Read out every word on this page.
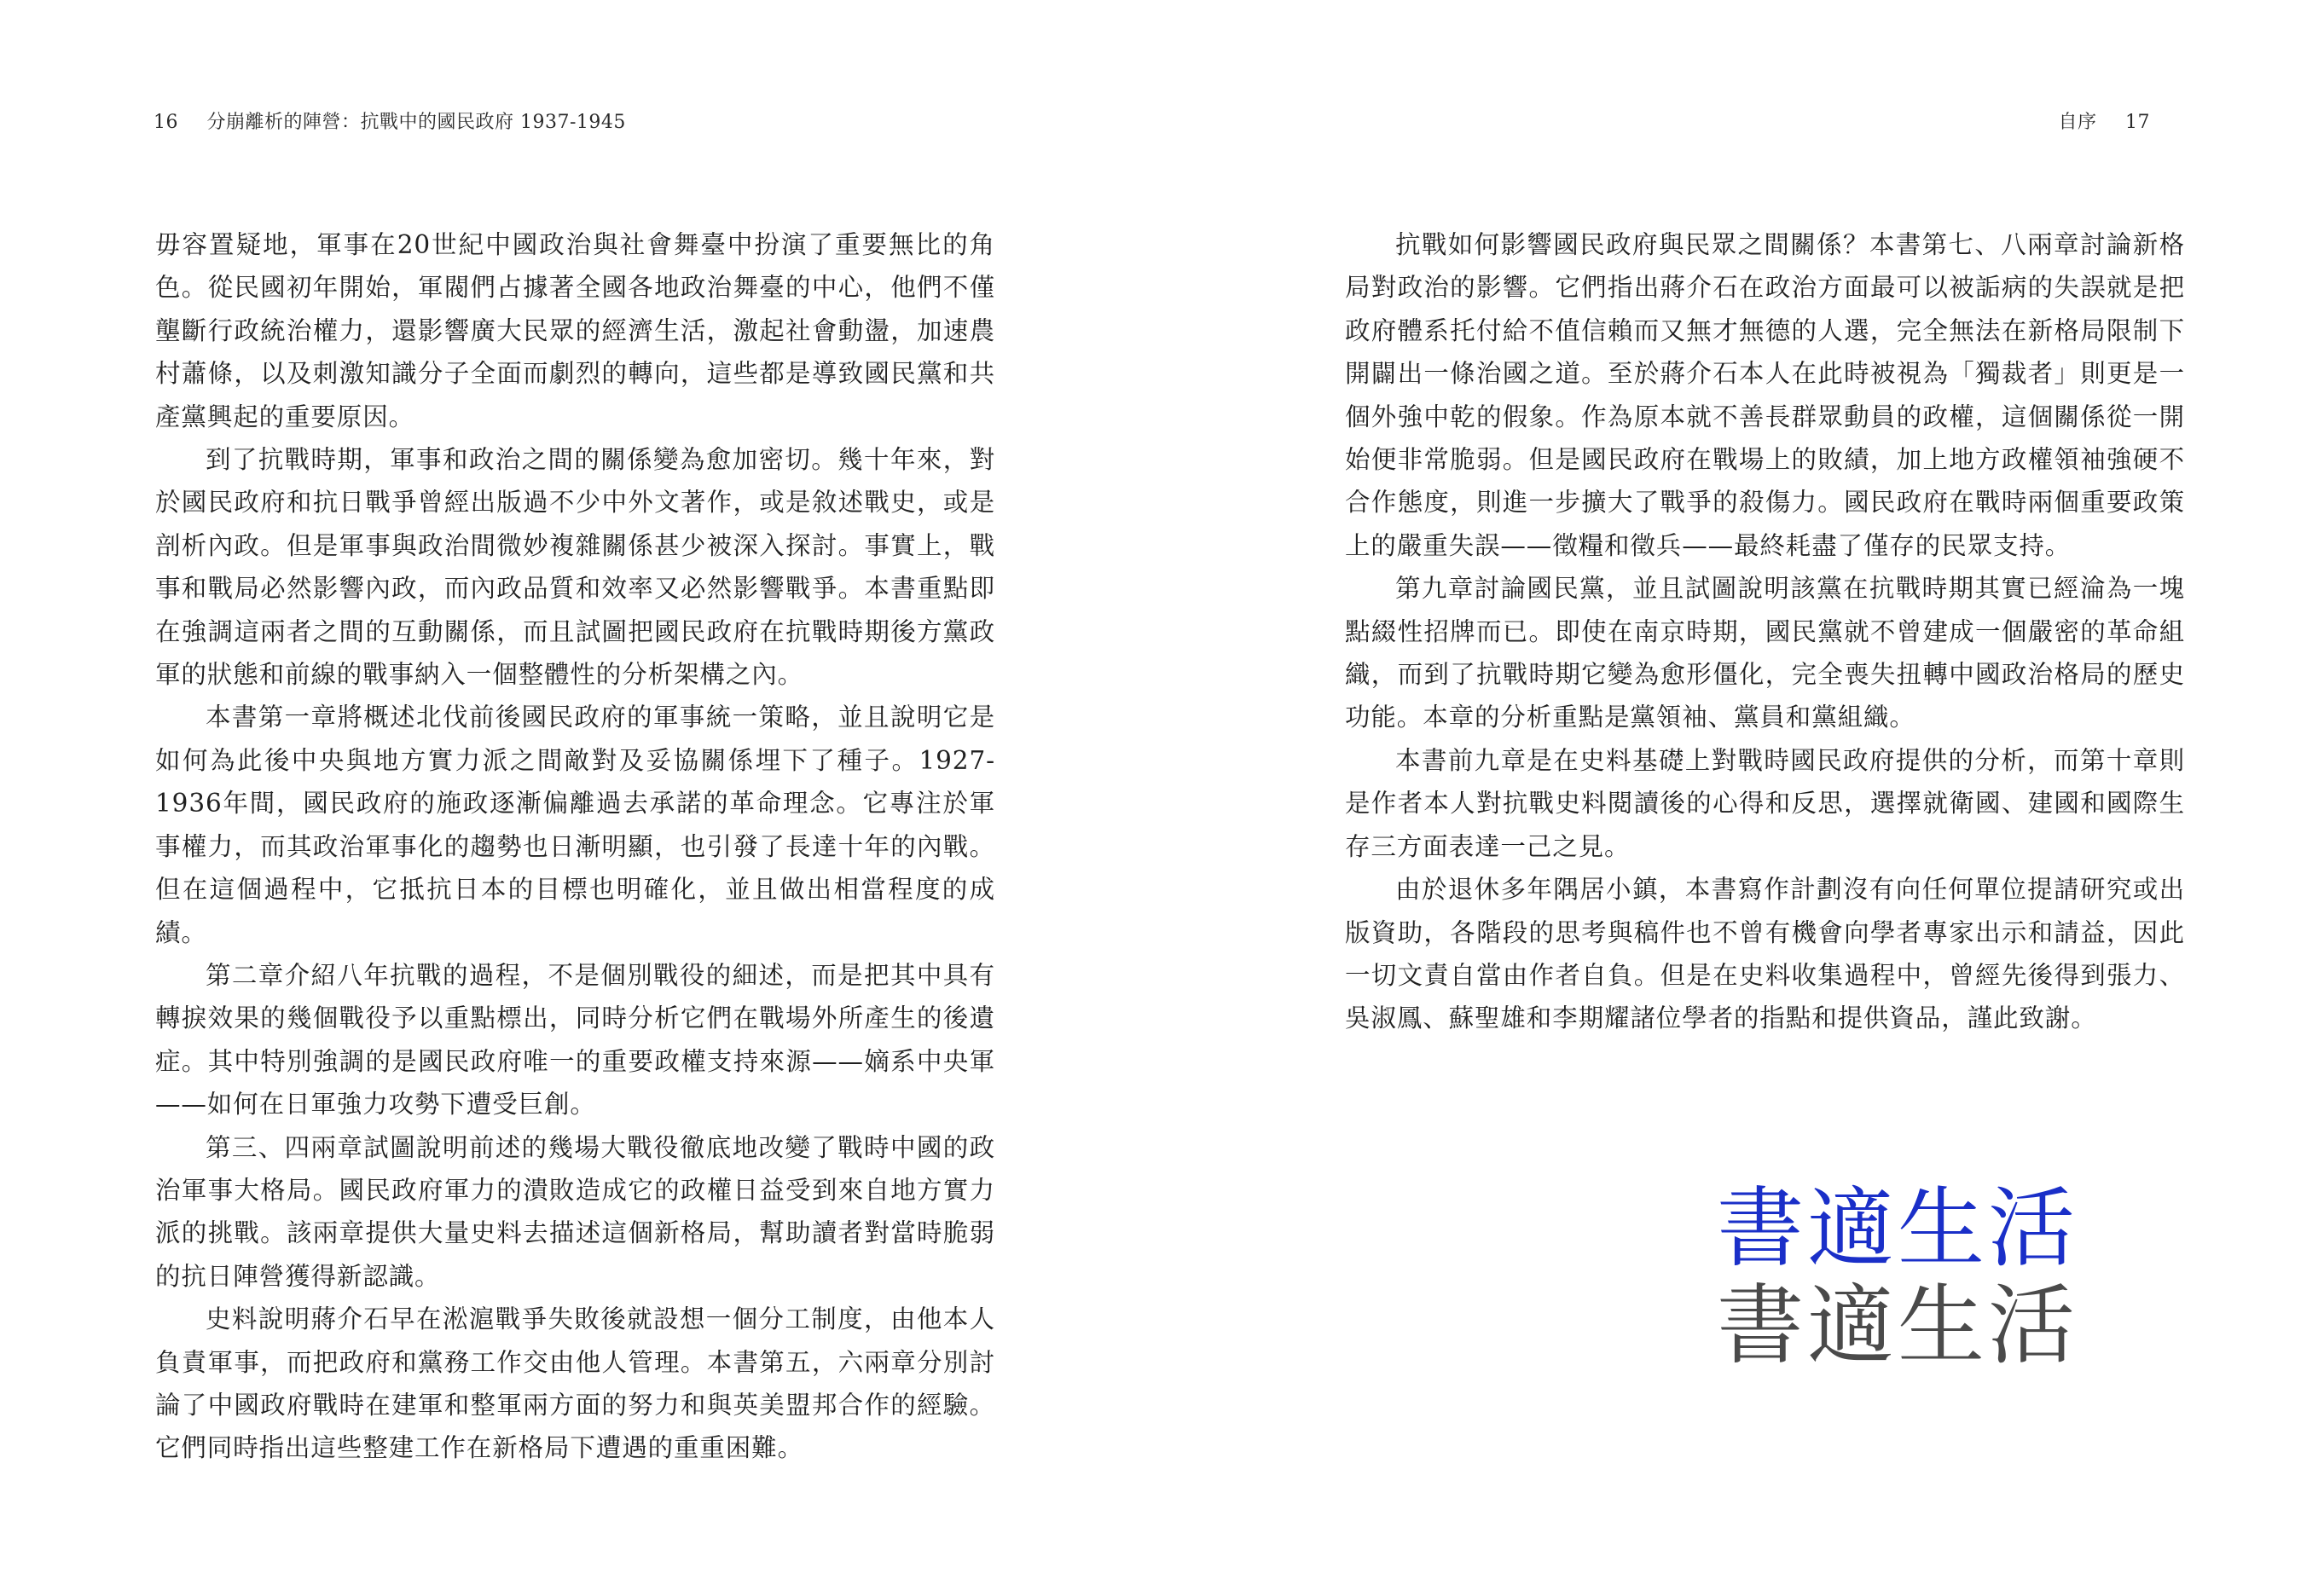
16 分崩離析的陣營：抗戰中的國民政府 1937-1945

毋容置疑地，軍事在20世紀中國政治與社會舞臺中扮演了重要無比的角色。從民國初年開始，軍閥們占據著全國各地政治舞臺的中心，他們不僅壟斷行政統治權力，還影響廣大民眾的經濟生活，激起社會動盪，加速農村蕭條，以及刺激知識分子全面而劇烈的轉向，這些都是導致國民黨和共產黨興起的重要原因。

到了抗戰時期，軍事和政治之間的關係變為愈加密切。幾十年來，對於國民政府和抗日戰爭曾經出版過不少中外文著作，或是敘述戰史，或是剖析內政。但是軍事與政治間微妙複雜關係甚少被深入探討。事實上，戰事和戰局必然影響內政，而內政品質和效率又必然影響戰爭。本書重點即在強調這兩者之間的互動關係，而且試圖把國民政府在抗戰時期後方黨政軍的狀態和前線的戰事納入一個整體性的分析架構之內。

本書第一章將概述北伐前後國民政府的軍事統一策略，並且說明它是如何為此後中央與地方實力派之間敵對及妥協關係埋下了種子。1927-1936年間，國民政府的施政逐漸偏離過去承諾的革命理念。它專注於軍事權力，而其政治軍事化的趨勢也日漸明顯，也引發了長達十年的內戰。但在這個過程中，它抵抗日本的目標也明確化，並且做出相當程度的成績。

第二章介紹八年抗戰的過程，不是個別戰役的細述，而是把其中具有轉捩效果的幾個戰役予以重點標出，同時分析它們在戰場外所產生的後遺症。其中特別強調的是國民政府唯一的重要政權支持來源——嫡系中央軍——如何在日軍強力攻勢下遭受巨創。

第三、四兩章試圖說明前述的幾場大戰役徹底地改變了戰時中國的政治軍事大格局。國民政府軍力的潰敗造成它的政權日益受到來自地方實力派的挑戰。該兩章提供大量史料去描述這個新格局，幫助讀者對當時脆弱的抗日陣營獲得新認識。

史料說明蔣介石早在淞滬戰爭失敗後就設想一個分工制度，由他本人負責軍事，而把政府和黨務工作交由他人管理。本書第五，六兩章分別討論了中國政府戰時在建軍和整軍兩方面的努力和與英美盟邦合作的經驗。它們同時指出這些整建工作在新格局下遭遇的重重困難。

自序 17

抗戰如何影響國民政府與民眾之間關係？本書第七、八兩章討論新格局對政治的影響。它們指出蔣介石在政治方面最可以被詬病的失誤就是把政府體系托付給不值信賴而又無才無德的人選，完全無法在新格局限制下開闢出一條治國之道。至於蔣介石本人在此時被視為「獨裁者」則更是一個外強中乾的假象。作為原本就不善長群眾動員的政權，這個關係從一開始便非常脆弱。但是國民政府在戰場上的敗績，加上地方政權領袖強硬不合作態度，則進一步擴大了戰爭的殺傷力。國民政府在戰時兩個重要政策上的嚴重失誤——徵糧和徵兵——最終耗盡了僅存的民眾支持。

第九章討論國民黨，並且試圖說明該黨在抗戰時期其實已經淪為一塊點綴性招牌而已。即使在南京時期，國民黨就不曾建成一個嚴密的革命組織，而到了抗戰時期它變為愈形僵化，完全喪失扭轉中國政治格局的歷史功能。本章的分析重點是黨領袖、黨員和黨組織。

本書前九章是在史料基礎上對戰時國民政府提供的分析，而第十章則是作者本人對抗戰史料閱讀後的心得和反思，選擇就衛國、建國和國際生存三方面表達一己之見。

由於退休多年隅居小鎮，本書寫作計劃沒有向任何單位提請研究或出版資助，各階段的思考與稿件也不曾有機會向學者專家出示和請益，因此一切文責自當由作者自負。但是在史料收集過程中，曾經先後得到張力、吳淑鳳、蘇聖雄和李期耀諸位學者的指點和提供資品，謹此致謝。

書適生活
書適生活
